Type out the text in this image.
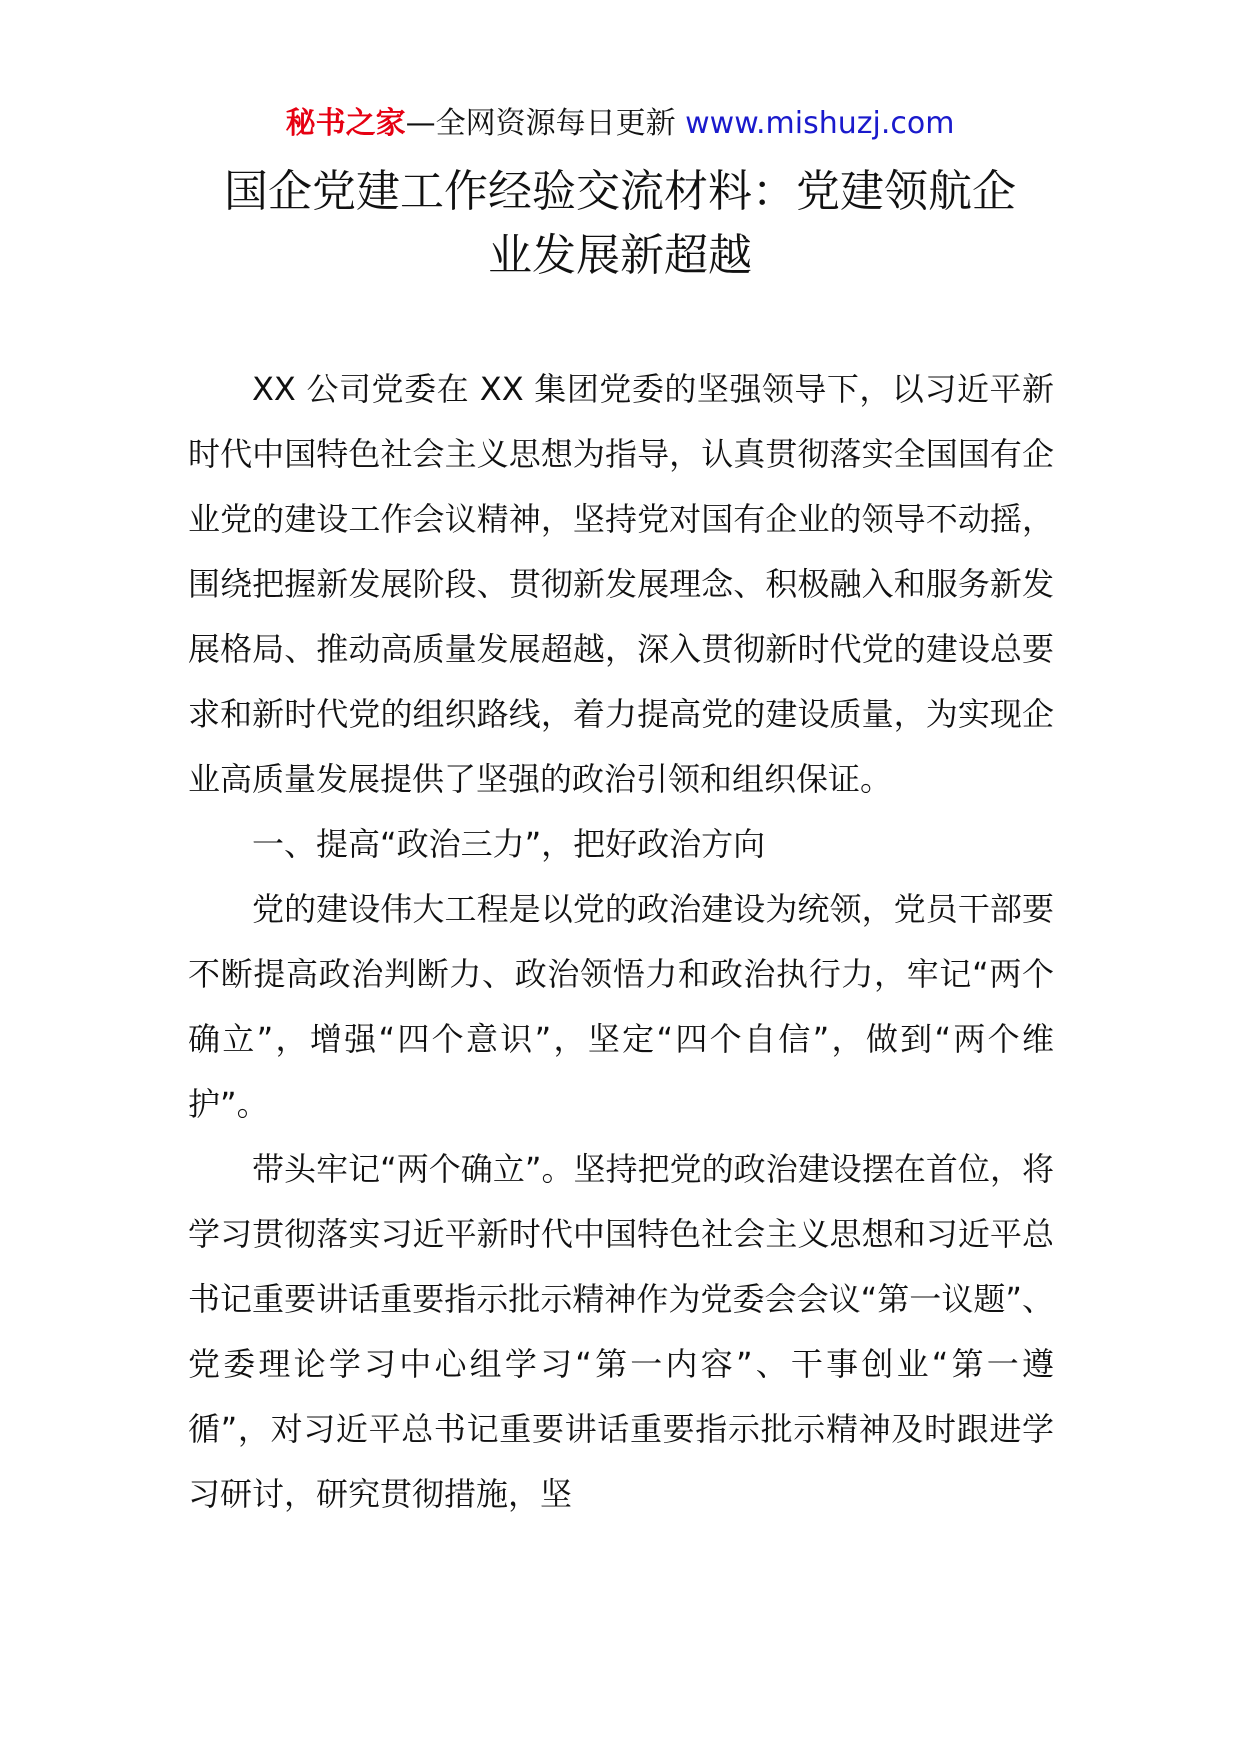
秘书之家—全网资源每日更新 www.mishuzj.com
国企党建工作经验交流材料：党建领航企
业发展新超越

XX 公司党委在 XX 集团党委的坚强领导下，以习近平新时代中国特色社会主义思想为指导，认真贯彻落实全国国有企业党的建设工作会议精神，坚持党对国有企业的领导不动摇，围绕把握新发展阶段、贯彻新发展理念、积极融入和服务新发展格局、推动高质量发展超越，深入贯彻新时代党的建设总要求和新时代党的组织路线，着力提高党的建设质量，为实现企业高质量发展提供了坚强的政治引领和组织保证。

一、提高“政治三力”，把好政治方向

党的建设伟大工程是以党的政治建设为统领，党员干部要不断提高政治判断力、政治领悟力和政治执行力，牢记“两个确立”，增强“四个意识”，坚定“四个自信”，做到“两个维护”。

带头牢记“两个确立”。坚持把党的政治建设摆在首位，将学习贯彻落实习近平新时代中国特色社会主义思想和习近平总书记重要讲话重要指示批示精神作为党委会会议“第一议题”、党委理论学习中心组学习“第一内容”、干事创业“第一遵循”，对习近平总书记重要讲话重要指示批示精神及时跟进学习研讨，研究贯彻措施，坚
